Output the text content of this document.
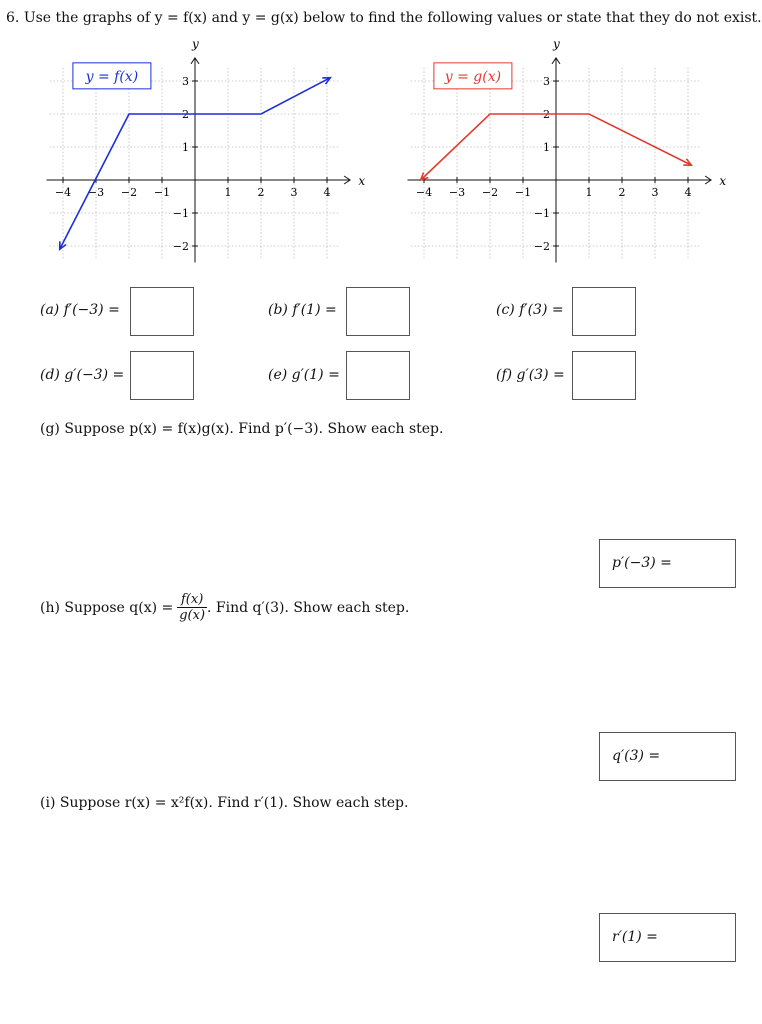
6. Use the graphs of y = f(x) and y = g(x) below to find the following values or state that they do not exist.
x
y
−4 −3 −2 −1	1 2 3 4
3
2
1
−1
−2
y = f(x)
x
y
−4 −3 −2 −1	1 2 3 4
3
2
1
−1
−2
y = g(x)
(a) f′(−3) =	(b) f′(1) =	(c) f′(3) =
(d) g′(−3) =	(e) g′(1) =	(f) g′(3) =
(g) Suppose p(x) = f(x)g(x). Find p′(−3). Show each step.
p′(−3) =
(h) Suppose $q(x) = \frac{f(x)}{g(x)}$ . Find q′(3). Show each step.
q′(3) =
(i) Suppose r(x) = x²f(x). Find r′(1). Show each step.
r′(1) =
